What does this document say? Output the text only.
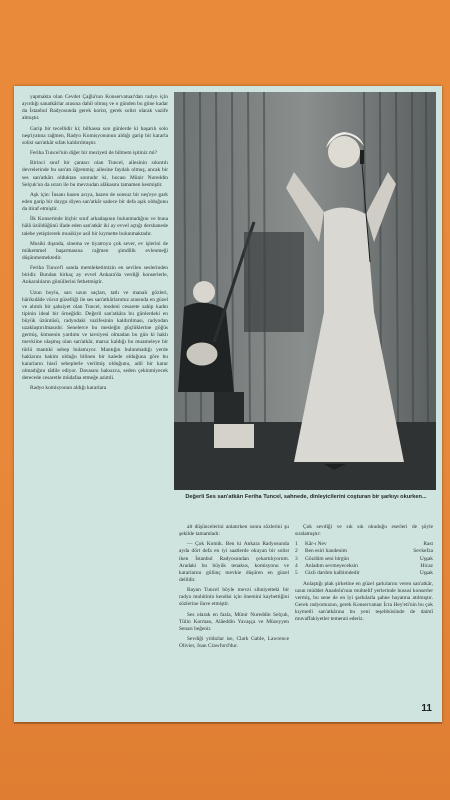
yapmakta olan Cevdet Çağla'nın Konservatuar'dan radyo için ayırdığı sanatkârlar arasına dahil olmuş ve o günden bu güne kadar da İstanbul Radyosunda gerek korist, gerek solist olarak vazife almıştır.

Garip bir tecellidir ki; bilhassa son günlerde ki başarılı solo neşriyatına rağmen, Radyo Komisyonunun aldığı garip bir kararla solist san'atkâr sıfatı kaldırılmıştır.

Feriha Tuncel'nin diğer bir meziyeti de bilmem işitiniz mi?

Birinci sınıf bir çantacı olan Tuncel, ailesinin sıkıntılı devrelerinde bu san'atı öğrenmiş; ailesine faydalı olmuş, ancak bir ses san'atkârı olduktan sonradır ki, hocası Münir Nureddin Selçuk'un da ısrarı ile bu mevzudan alâkasını tamamen kesmiştir.

Aşk için: İnsanı bazen acıya, bazen de sonsuz bir neş'eye gark eden garip bir duygu diyen san'atkâr sadece bir defa aşık olduğunu da itiraf etmiştir.

İlk Konserinde hiçbir sınıf arkadaşının bulunmadığını ve buna hâlâ üzüldüğünü ifade eden san'atkâr iki ay evvel açtığı dershanede talebe yetiştirerek musikiye asil bir kıymette bulunmaktadır.

Musiki dışında, sinema ve tiyatroyu çok sever, ev işlerini de mükemmel başarmasına rağmen şimdilik evlenmeği düşünmemektedir.

Feriha Tuncel'i sanda memleketimizin en sevilen seslerinden biridir. Bundan birkaç ay evvel Ankara'da verdiği konserlerle, Ankaralıların gönüllerini fethetmiştir.

Uzun boylu, sarı uzun saçları, tatlı ve manalı gözleri, hârikulâde vücut güzelliği ile ses san'atkârlarımız arasında en güzel ve alımlı bir şahsiyet olan Tuncel, modeni cesarete sahip kadın tipinin ideal bir örneğidir. Değerli san'atkâra bu günlerdeki en büyük üzüntüsü, radyodaki vazifesinin kaldırılması, radyodan uzaklaştırılmasıdır. Senelerce bu mesleğin güçlüklerine göğüs germiş, kimsenin yardımı ve tavsiyesi olmadan bu gün ki haklı mevkiine ulaşmış olan san'atkâr, maruz kaldığı bu muameleye bir türlü mantıki sebep bulamıyor. Mantığın bulunmadığı yerde haklarını hakim olduğu bilinen bir kalede olduğuna göre bu kararların hissî sebeplerle verilmiş olduğunu, adil bir karar olmadığını tâdile ediyor. Davasını haksızca, seden çekinmiyecek derecede cesaretle müdafaa etmeğe azimli.

Radyo komisyonun aldığı kararlara

Değerli Ses san'atkârı Feriha Tuncel, sahnede, dinleyicilerini coşturan bir şarkıyı okurken...

alt düşüncelerini anlatırken sonra sözlerini şu şekilde tamamladı:

— Çok Komik. Ben ki Ankara Radyosunda ayda dört defa en iyi saatlerde okuyan bir solist iken İstanbul Radyosundan çekartılıyorum. Aradaki bu büyük tenakus, komisyonu ve kararlarını gülünç mevkie düşüren en güzel delildir.

Bayan Tuncel böyle mevzi sihniyetteki bir radyo muhitinin kendisi için önemini kaybettiğini sözlerine ilave etmiştir.

Ses olarak en fazla, Münir Nureddin Selçuk, Tülin Korman, Alâeddin Yavaşça ve Müzeyyen Senarı beğenir.

Sevdiği yıldızlar ise, Clark Gable, Lawrence Olivier, Joan Crawford'dur.

Çok sevdiği ve sık sık okuduğu eserleri de şöyle sıralamıştır:

1	Kâr-ı Nev	Rast
2	Ben esiri handenim	Sevkefza
3	Gözdüm seni birgün	Uşşak
4	Anladım sevmeyeceksin	Hicaz
5	Gizli dardım kalbimdedir	Uşşak

Anlaştığı plak şirketine en güzel şarkılarını veren san'atkâr, uzun müddet Anadolu'nun muhtelif yerlerinde hususi konserler vermiş, bu sene de en iyi şarkılarla şahne hayatına atılmıştır. Gerek radyomuzun, gerek Konservatuar İcra Hey'eti'nin bu çok kıymetli san'atkârına bu yeni teşebbüsünde de daimî muvaffakiyetler temenni ederiz.

11
